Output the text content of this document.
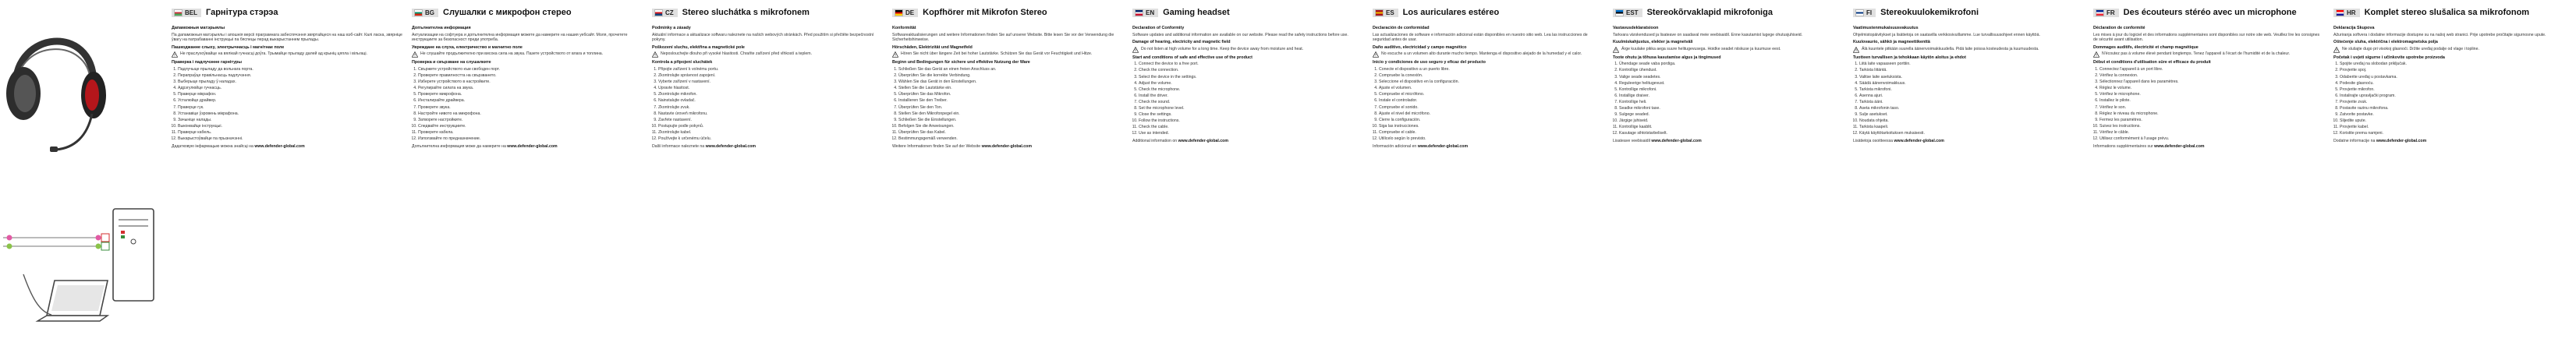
BEL Гарнітура стэрэа
Дапаможныя матэрыялы

Па дапаможныя матэрыялы і апошнія версіі праграмнага забеспячэння звяртайцеся на наш вэб-сайт. Калі ласка, звярніце ўвагу на патрабаванні інструкцыі па бяспецы перад выкарыстаннем прылады.

Пашкоджанне слыху, электрычнасць і магнітнае поле
Не праслухоўвайце на вялікай гучнасці доўга. Трымайце прыладу далей ад крыніц цяпла і вільгаці.
Праверка і падлучэнне гарнітуры
1. Падлучыце прыладу да вольнага порта.
2. Перапраўце правільнасць падлучэння.
3. Выберыце прыладу ў наладах.
4. Адрэгулюйце гучнасць.
5. Праверце мікрафон.
6. Усталюйце драйвер.
7. Праверце гук.
8. Устанавіце ўзровень мікрафона.
9. Зачыніце налады.
10. Выконвайце інструкцыі.
11. Праверце кабель.
12. Выкарыстоўвайце па прызначэнні.

Дадатковую інфармацыю можна знайсці на www.defender-global.com

BG Слушалки с микрофон стерео
Допълнителна информация

Актуализации на софтуера и допълнителна информация можете да намерите на нашия уебсайт. Моля, прочетете инструкциите за безопасност преди употреба.

Увреждане на слуха, електричество и магнитно поле
Не слушайте продължително при висока сила на звука. Пазете устройството от влага и топлина.
Проверка и свързване на слушалките
1. Свържете устройството към свободен порт.
2. Проверете правилността на свързването.
3. Изберете устройството в настройките.
4. Регулирайте силата на звука.
5. Проверете микрофона.
6. Инсталирайте драйвера.
7. Проверете звука.
8. Настройте нивото на микрофона.
9. Затворете настройките.
10. Следвайте инструкциите.
11. Проверете кабела.
12. Използвайте по предназначение.

Допълнителна информация може да намерите на www.defender-global.com

CZ Stereo sluchátka s mikrofonem
Podmínky a zásady

Aktuální informace a aktualizace softwaru naleznete na našich webových stránkách. Před použitím si přečtěte bezpečnostní pokyny.

Poškození sluchu, elektřina a magnetické pole
Neposlouchejte dlouho při vysoké hlasitosti. Chraňte zařízení před vlhkostí a teplem.
Kontrola a připojení sluchátek
1. Připojte zařízení k volnému portu.
2. Zkontrolujte správnost zapojení.
3. Vyberte zařízení v nastavení.
4. Upravte hlasitost.
5. Zkontrolujte mikrofon.
6. Nainstalujte ovladač.
7. Zkontrolujte zvuk.
8. Nastavte úroveň mikrofonu.
9. Zavřete nastavení.
10. Postupujte podle pokynů.
11. Zkontrolujte kabel.
12. Používejte k určenému účelu.

Další informace naleznete na www.defender-global.com

DE Kopfhörer mit Mikrofon Stereo
Konformität

Softwareaktualisierungen und weitere Informationen finden Sie auf unserer Website. Bitte lesen Sie vor der Verwendung die Sicherheitshinweise.

Hörschäden, Elektrizität und Magnetfeld
Hören Sie nicht über längere Zeit bei hoher Lautstärke. Schützen Sie das Gerät vor Feuchtigkeit und Hitze.
Beginn und Bedingungen für sichere und effektive Nutzung der Ware
1. Schließen Sie das Gerät an einen freien Anschluss an.
2. Überprüfen Sie die korrekte Verbindung.
3. Wählen Sie das Gerät in den Einstellungen.
4. Stellen Sie die Lautstärke ein.
5. Überprüfen Sie das Mikrofon.
6. Installieren Sie den Treiber.
7. Überprüfen Sie den Ton.
8. Stellen Sie den Mikrofonpegel ein.
9. Schließen Sie die Einstellungen.
10. Befolgen Sie die Anweisungen.
11. Überprüfen Sie das Kabel.
12. Bestimmungsgemäß verwenden.

Weitere Informationen finden Sie auf der Website www.defender-global.com

EN Gaming headset
Declaration of Conformity

Software updates and additional information are available on our website. Please read the safety instructions before use.

Damage of hearing, electricity and magnetic field
Do not listen at high volume for a long time. Keep the device away from moisture and heat.
Start and conditions of safe and effective use of the product
1. Connect the device to a free port.
2. Check the connection.
3. Select the device in the settings.
4. Adjust the volume.
5. Check the microphone.
6. Install the driver.
7. Check the sound.
8. Set the microphone level.
9. Close the settings.
10. Follow the instructions.
11. Check the cable.
12. Use as intended.

Additional information on www.defender-global.com

ES Los auriculares estéreo
Declaración de conformidad

Las actualizaciones de software e información adicional están disponibles en nuestro sitio web. Lea las instrucciones de seguridad antes de usar.

Daño auditivo, electricidad y campo magnético
No escuche a un volumen alto durante mucho tiempo. Mantenga el dispositivo alejado de la humedad y el calor.
Inicio y condiciones de uso seguro y eficaz del producto
1. Conecte el dispositivo a un puerto libre.
2. Compruebe la conexión.
3. Seleccione el dispositivo en la configuración.
4. Ajuste el volumen.
5. Compruebe el micrófono.
6. Instale el controlador.
7. Compruebe el sonido.
8. Ajuste el nivel del micrófono.
9. Cierre la configuración.
10. Siga las instrucciones.
11. Compruebe el cable.
12. Utilícelo según lo previsto.

Información adicional en www.defender-global.com

EST Stereokõrvaklapid mikrofoniga
Vastavusdeklaratsioon

Tarkvara värskendused ja lisateave on saadaval meie veebisaidil. Enne kasutamist lugege ohutusjuhiseid.

Kuulmiskahjustus, elekter ja magnetväli
Ärge kuulake pikka aega suure helitugevusega. Hoidke seadet niiskuse ja kuumuse eest.
Toote ohutu ja tõhusa kasutamise algus ja tingimused
1. Ühendage seade vaba pordiga.
2. Kontrollige ühendust.
3. Valige seade seadetes.
4. Reguleerige helitugevust.
5. Kontrollige mikrofoni.
6. Installige draiver.
7. Kontrollige heli.
8. Seadke mikrofoni tase.
9. Sulgege seaded.
10. Järgige juhiseid.
11. Kontrollige kaablit.
12. Kasutage sihtotstarbeliselt.

Lisateave veebisaidil www.defender-global.com

FI Stereokuulokemikrofoni
Vaatimustenmukaisuusvakuutus

Ohjelmistopäivitykset ja lisätietoja on saatavilla verkkosivuillamme. Lue turvallisuusohjeet ennen käyttöä.

Kuulovaurio, sähkö ja magneettikenttä
Älä kuuntele pitkään suurella äänenvoimakkuudella. Pidä laite poissa kosteudesta ja kuumuudesta.
Tuotteen turvallisen ja tehokkaan käytön aloitus ja ehdot
1. Liitä laite vapaaseen porttiin.
2. Tarkista liitäntä.
3. Valitse laite asetuksista.
4. Säädä äänenvoimakkuus.
5. Tarkista mikrofoni.
6. Asenna ajuri.
7. Tarkista ääni.
8. Aseta mikrofonin taso.
9. Sulje asetukset.
10. Noudata ohjeita.
11. Tarkista kaapeli.
12. Käytä käyttötarkoituksen mukaisesti.

Lisätietoja osoitteessa www.defender-global.com

FR Des écouteurs stéréo avec un microphone
Déclaration de conformité

Les mises à jour du logiciel et des informations supplémentaires sont disponibles sur notre site web. Veuillez lire les consignes de sécurité avant utilisation.

Dommages auditifs, électricité et champ magnétique
N'écoutez pas à volume élevé pendant longtemps. Tenez l'appareil à l'écart de l'humidité et de la chaleur.
Début et conditions d'utilisation sûre et efficace du produit
1. Connectez l'appareil à un port libre.
2. Vérifiez la connexion.
3. Sélectionnez l'appareil dans les paramètres.
4. Réglez le volume.
5. Vérifiez le microphone.
6. Installez le pilote.
7. Vérifiez le son.
8. Réglez le niveau du microphone.
9. Fermez les paramètres.
10. Suivez les instructions.
11. Vérifiez le câble.
12. Utilisez conformément à l'usage prévu.

Informations supplémentaires sur www.defender-global.com

HR Komplet stereo slušalica sa mikrofonom
Deklaracija Skupova

Ažuriranja softvera i dodatne informacije dostupne su na našoj web stranici. Prije upotrebe pročitajte sigurnosne upute.

Oštećenje sluha, električna i elektromagnetska polja
Ne slušajte dugo pri visokoj glasnoći. Držite uređaj podalje od vlage i topline.
Početak i uvjeti sigurne i učinkovite upotrebe proizvoda
1. Spojite uređaj na slobodan priključak.
2. Provjerite spoj.
3. Odaberite uređaj u postavkama.
4. Podesite glasnoću.
5. Provjerite mikrofon.
6. Instalirajte upravljački program.
7. Provjerite zvuk.
8. Postavite razinu mikrofona.
9. Zatvorite postavke.
10. Slijedite upute.
11. Provjerite kabel.
12. Koristite prema namjeni.

Dodatne informacije na www.defender-global.com
